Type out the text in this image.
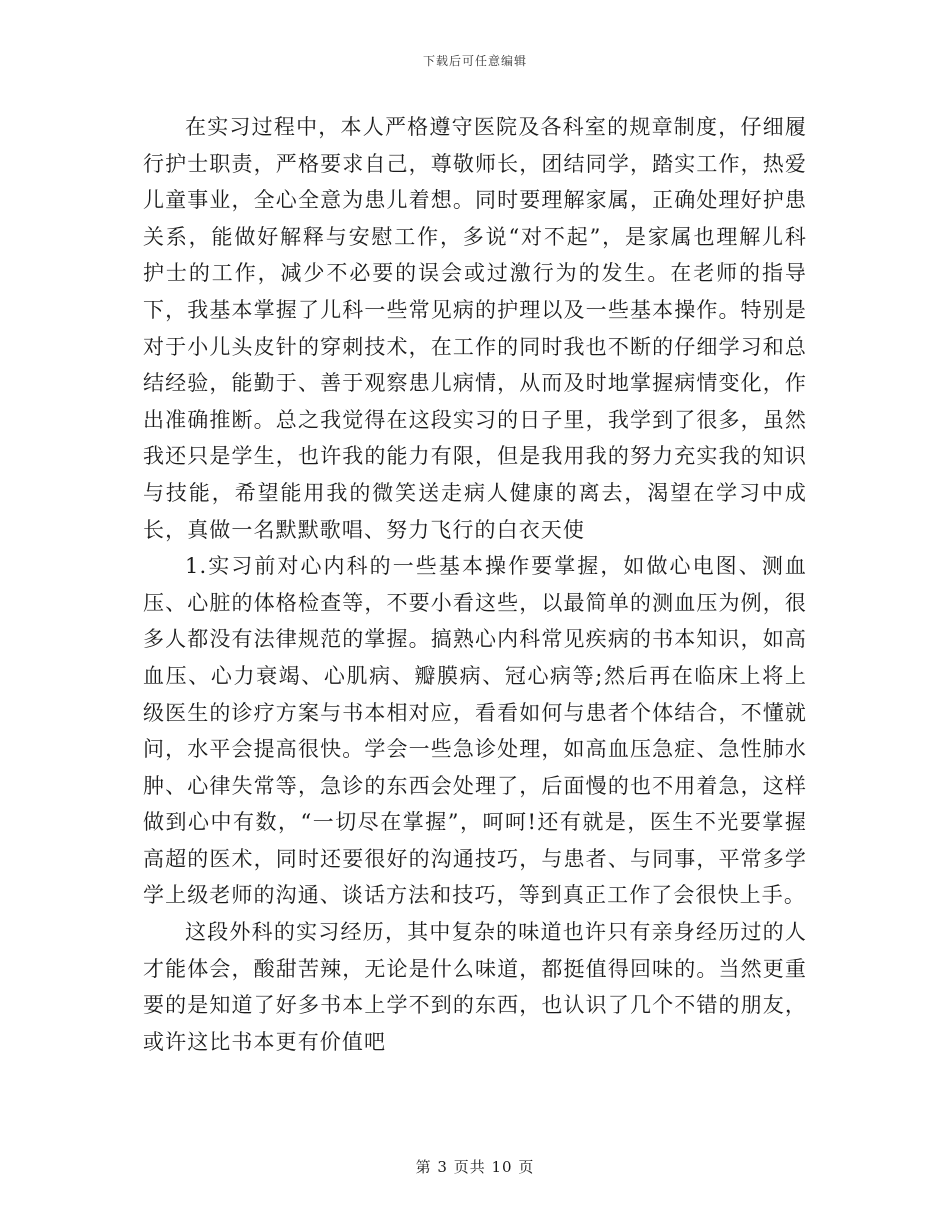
下载后可任意编辑

在实习过程中，本人严格遵守医院及各科室的规章制度，仔细履行护士职责，严格要求自己，尊敬师长，团结同学，踏实工作，热爱儿童事业，全心全意为患儿着想。同时要理解家属，正确处理好护患关系，能做好解释与安慰工作，多说“对不起”，是家属也理解儿科护士的工作，减少不必要的误会或过激行为的发生。在老师的指导下，我基本掌握了儿科一些常见病的护理以及一些基本操作。特别是对于小儿头皮针的穿刺技术，在工作的同时我也不断的仔细学习和总结经验，能勤于、善于观察患儿病情，从而及时地掌握病情变化，作出准确推断。总之我觉得在这段实习的日子里，我学到了很多，虽然我还只是学生，也许我的能力有限，但是我用我的努力充实我的知识与技能，希望能用我的微笑送走病人健康的离去，渴望在学习中成长，真做一名默默歌唱、努力飞行的白衣天使

1.实习前对心内科的一些基本操作要掌握，如做心电图、测血压、心脏的体格检查等，不要小看这些，以最简单的测血压为例，很多人都没有法律规范的掌握。搞熟心内科常见疾病的书本知识，如高血压、心力衰竭、心肌病、瓣膜病、冠心病等;然后再在临床上将上级医生的诊疗方案与书本相对应，看看如何与患者个体结合，不懂就问，水平会提高很快。学会一些急诊处理，如高血压急症、急性肺水肿、心律失常等，急诊的东西会处理了，后面慢的也不用着急，这样做到心中有数，“一切尽在掌握”，呵呵!还有就是，医生不光要掌握高超的医术，同时还要很好的沟通技巧，与患者、与同事，平常多学学上级老师的沟通、谈话方法和技巧，等到真正工作了会很快上手。

这段外科的实习经历，其中复杂的味道也许只有亲身经历过的人才能体会，酸甜苦辣，无论是什么味道，都挺值得回味的。当然更重要的是知道了好多书本上学不到的东西，也认识了几个不错的朋友，或许这比书本更有价值吧

第 3 页共 10 页
